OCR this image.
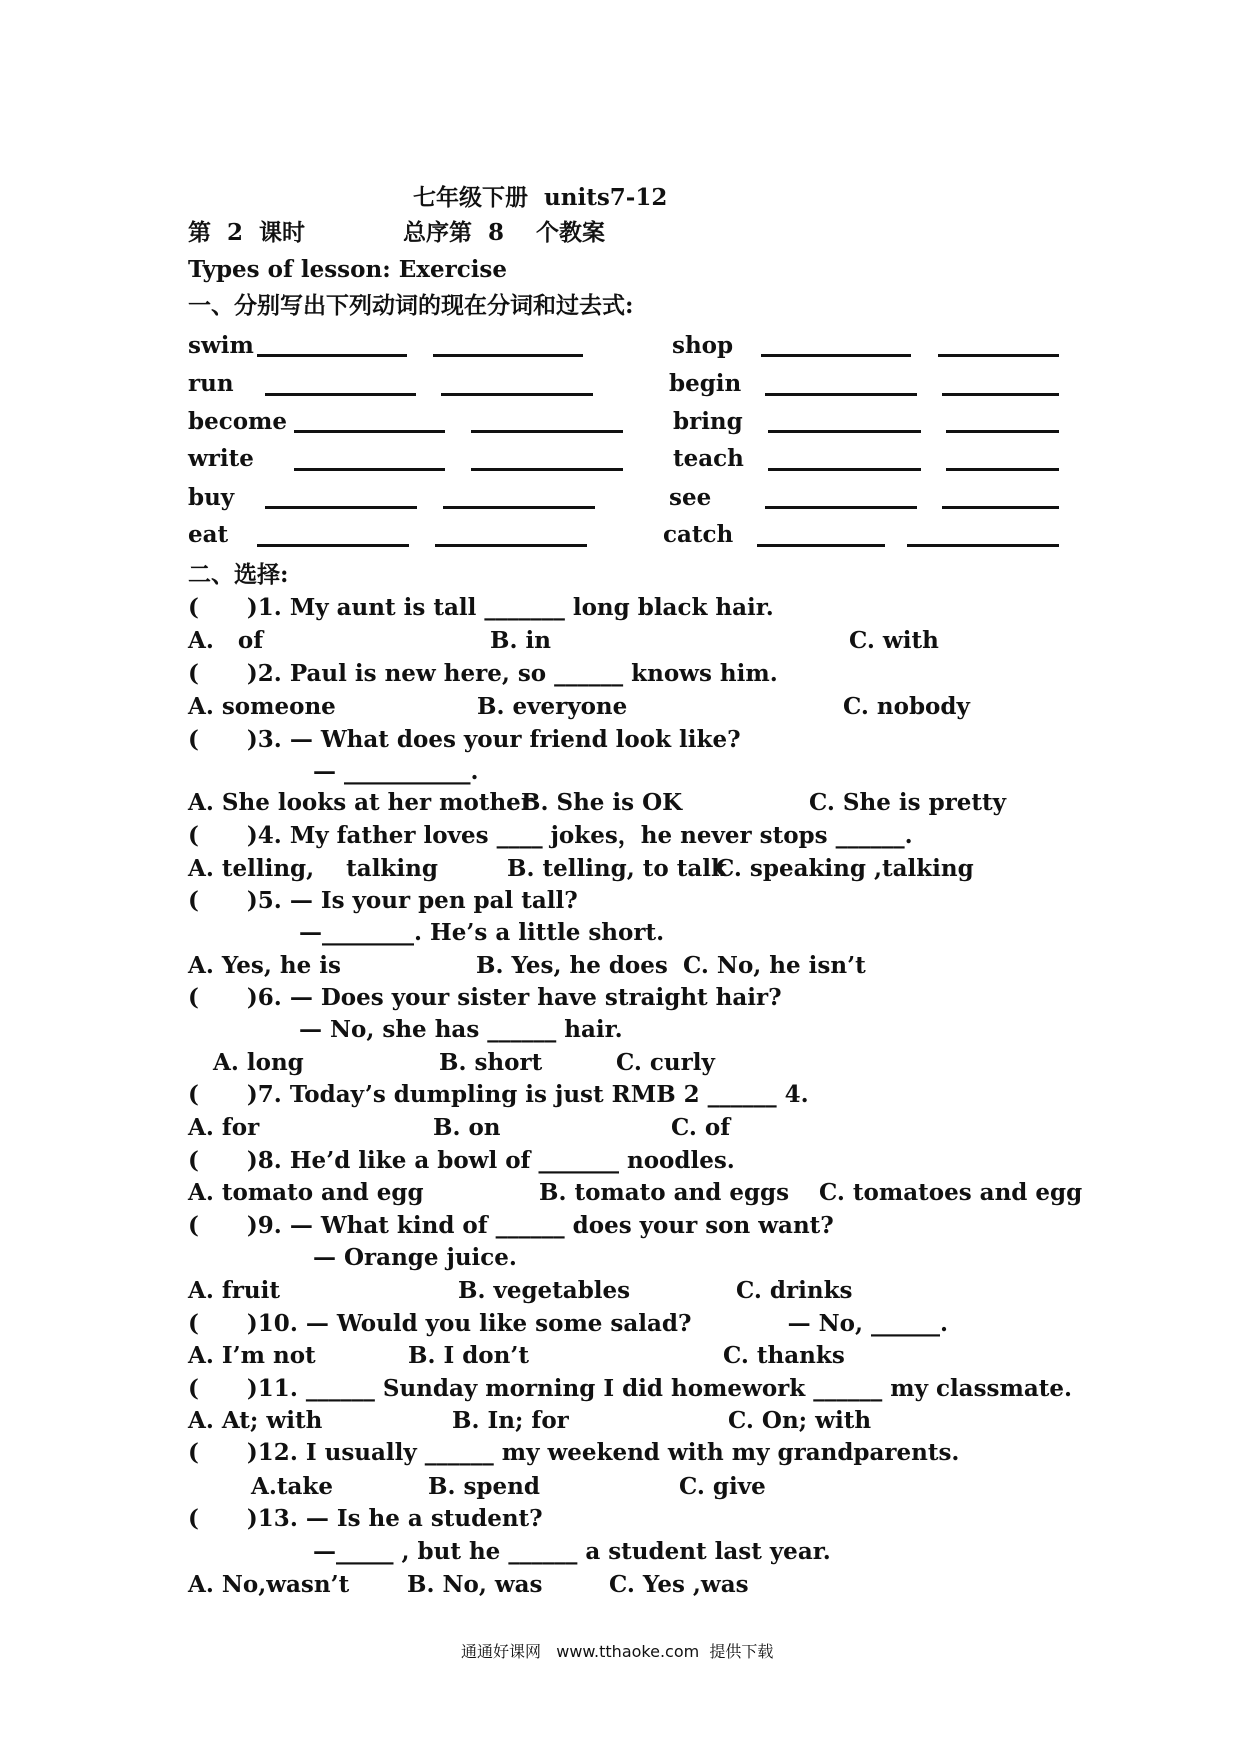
七年级下册  units7-12
第  2  课时	总序第  8    个教案
Types of lesson: Exercise
一、分别写出下列动词的现在分词和过去式:
swim	shop
run	begin
become	bring
write	teach
buy	see
eat	catch
二、选择:
(      )1. My aunt is tall _______ long black hair.
A.   of	B. in	C. with
(      )2. Paul is new here, so ______ knows him.
A. someone	B. everyone	C. nobody
(      )3. — What does your friend look like?
— ___________.
A. She looks at her mother
B. She is OK	C. She is pretty
(      )4. My father loves ____ jokes，he never stops ______.
A. telling,    talking	B. telling, to talk
C. speaking ,talking
(      )5. — Is your pen pal tall?
—________. He’s a little short.
A. Yes, he is	B. Yes, he does C. No, he isn’t
(      )6. — Does your sister have straight hair?
— No, she has ______ hair.
A. long	B. short	C. curly
(      )7. Today’s dumpling is just RMB 2 ______ 4.
A. for	B. on	C. of
(      )8. He’d like a bowl of _______ noodles.
A. tomato and egg	B. tomato and eggs C. tomatoes and egg
(      )9. — What kind of ______ does your son want?
— Orange juice.
A. fruit	B. vegetables	C. drinks
(      )10. — Would you like some salad?            — No, ______.
A. I’m not	B. I don’t	C. thanks
(      )11. ______ Sunday morning I did homework ______ my classmate.
A. At; with	B. In; for	C. On; with
(      )12. I usually ______ my weekend with my grandparents.
A.take	B. spend	C. give
(      )13. — Is he a student?
—_____ , but he ______ a student last year.
A. No,wasn’t	B. No, was	C. Yes ,was
通通好课网   www.tthaoke.com  提供下载
